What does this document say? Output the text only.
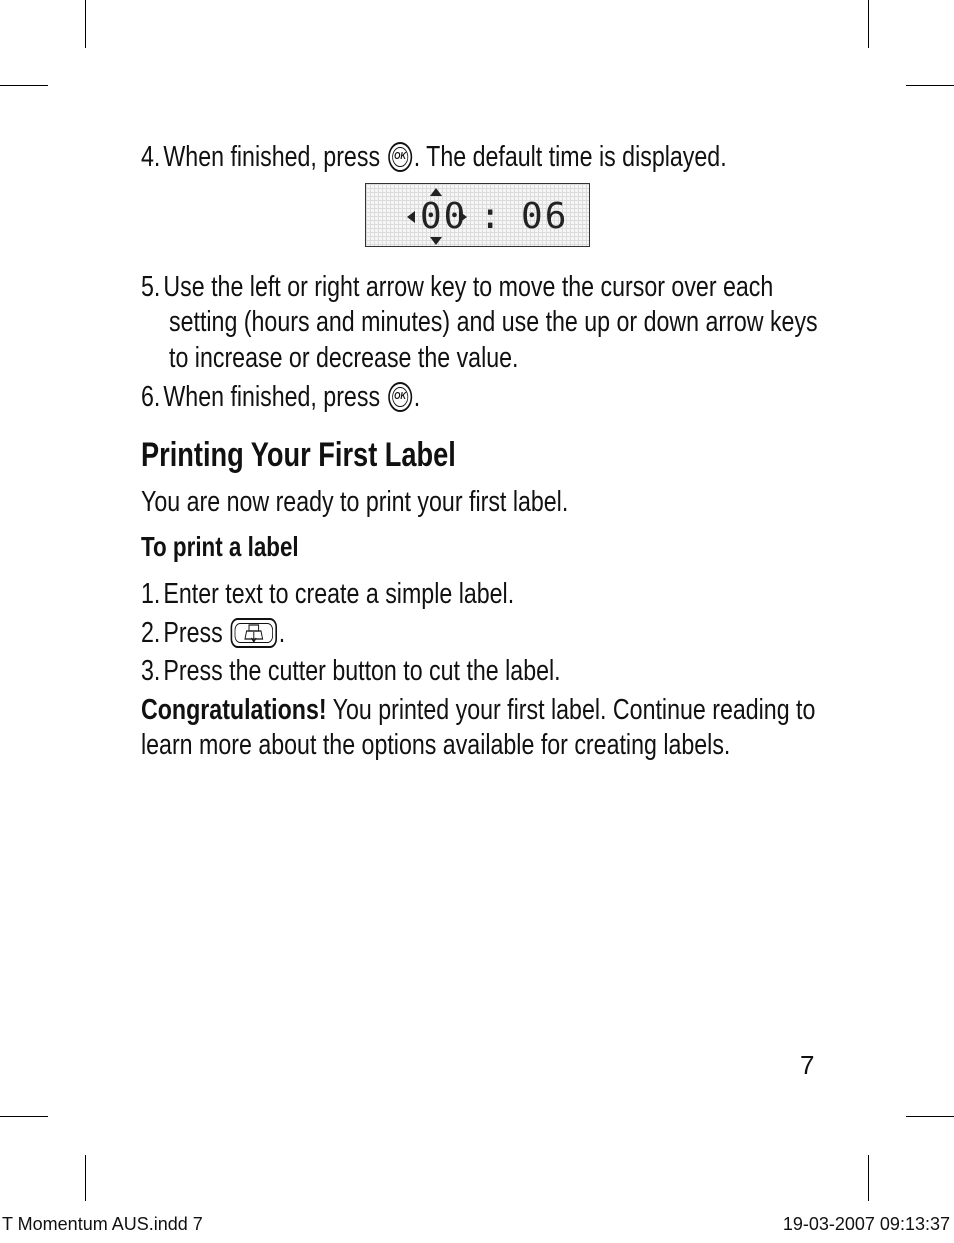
4. When finished, press	OK . The default time is displayed.
00 : 06
5. Use the left or right arrow key to move the cursor over each
setting (hours and minutes) and use the up or down arrow keys
to increase or decrease the value.
6. When finished, press	OK .
Printing Your First Label
You are now ready to print your first label.
To print a label
1. Enter text to create a simple label.
2. Press .
3. Press the cutter button to cut the label.
Congratulations! You printed your first label. Continue reading to
learn more about the options available for creating labels.
7
T Momentum AUS.indd 7	19-03-2007 09:13:37
